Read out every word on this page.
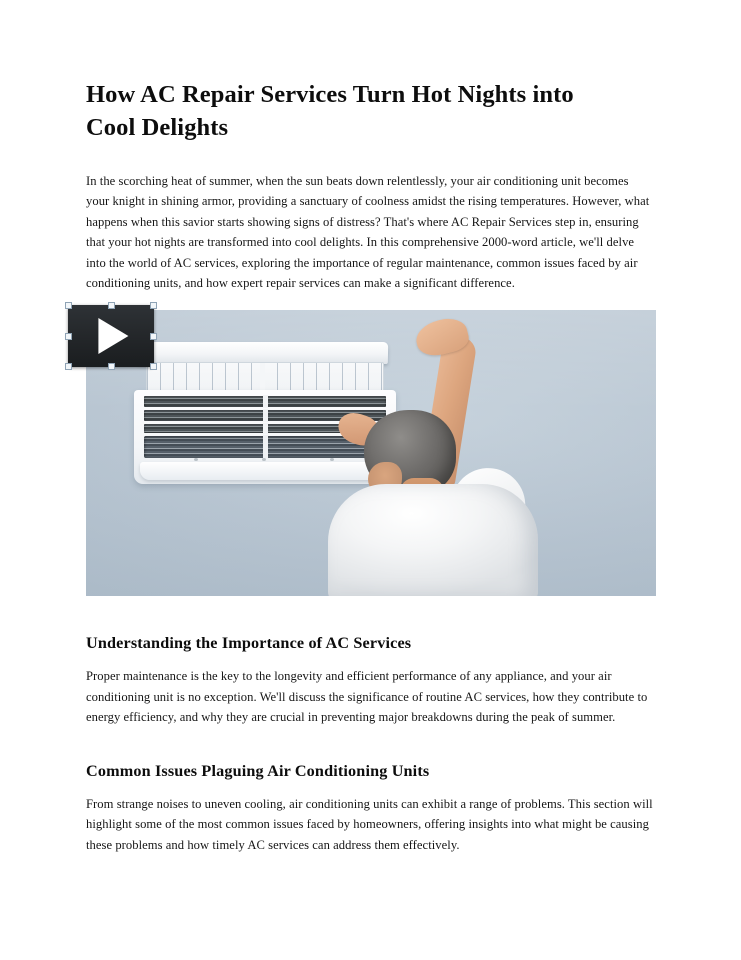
How AC Repair Services Turn Hot Nights into Cool Delights

In the scorching heat of summer, when the sun beats down relentlessly, your air conditioning unit becomes your knight in shining armor, providing a sanctuary of coolness amidst the rising temperatures. However, what happens when this savior starts showing signs of distress? That's where AC Repair Services step in, ensuring that your hot nights are transformed into cool delights. In this comprehensive 2000-word article, we'll delve into the world of AC services, exploring the importance of regular maintenance, common issues faced by air conditioning units, and how expert repair services can make a significant difference.

Understanding the Importance of AC Services

Proper maintenance is the key to the longevity and efficient performance of any appliance, and your air conditioning unit is no exception. We'll discuss the significance of routine AC services, how they contribute to energy efficiency, and why they are crucial in preventing major breakdowns during the peak of summer.

Common Issues Plaguing Air Conditioning Units

From strange noises to uneven cooling, air conditioning units can exhibit a range of problems. This section will highlight some of the most common issues faced by homeowners, offering insights into what might be causing these problems and how timely AC services can address them effectively.
